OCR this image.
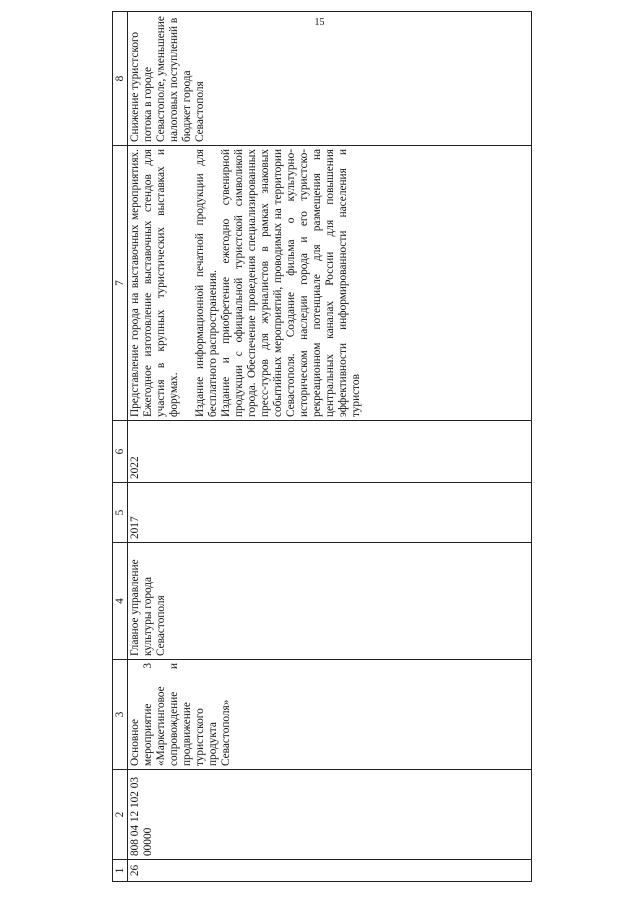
15
1	2	3	4	5	6	7	8
26	808 04 12 102 03 00000	Основное мероприятие 3 «Маркетинговое сопровождение и продвижение туристского продукта Севастополя»	Главное управление культуры города Севастополя	2017	2022	Представление города на выставочных мероприятиях. Ежегодное изготовление выставочных стендов для участия в крупных туристических выставках и форумах. Издание информационной печатной продукции для бесплатного распространения. Издание и приобретение ежегодно сувенирной продукции с официальной туристской символикой города. Обеспечение проведения специализированных пресс-туров для журналистов в рамках знаковых событийных мероприятий, проводимых на территории Севастополя. Создание фильма о культурно-историческом наследии города и его туристско-рекреационном потенциале для размещения на центральных каналах России для повышения эффективности информированности населения и туристов	Снижение туристского потока в городе Севастополе, уменьшение налоговых поступлений в бюджет города Севастополя
